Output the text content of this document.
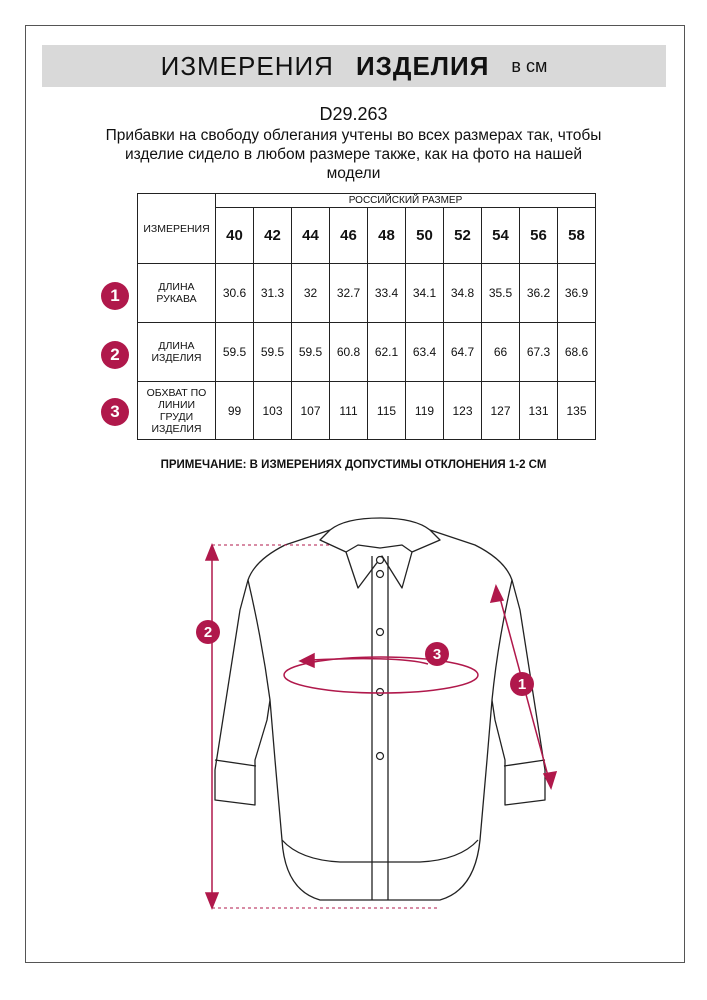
ИЗМЕРЕНИЯ ИЗДЕЛИЯ в см
D29.263
Прибавки на свободу облегания учтены во всех размерах так, чтобы изделие сидело в любом размере также, как на фото на нашей модели
ИЗМЕРЕНИЯ	РОССИЙСКИЙ РАЗМЕР									
	40	42	44	46	48	50	52	54	56	58
ДЛИНА
РУКАВА	30.6	31.3	32	32.7	33.4	34.1	34.8	35.5	36.2	36.9
ДЛИНА
ИЗДЕЛИЯ	59.5	59.5	59.5	60.8	62.1	63.4	64.7	66	67.3	68.6
ОБХВАТ ПО
ЛИНИИ
ГРУДИ
ИЗДЕЛИЯ	99	103	107	111	115	119	123	127	131	135
1
2
3
ПРИМЕЧАНИЕ: В ИЗМЕРЕНИЯХ ДОПУСТИМЫ ОТКЛОНЕНИЯ 1-2 СМ
2
3
1
